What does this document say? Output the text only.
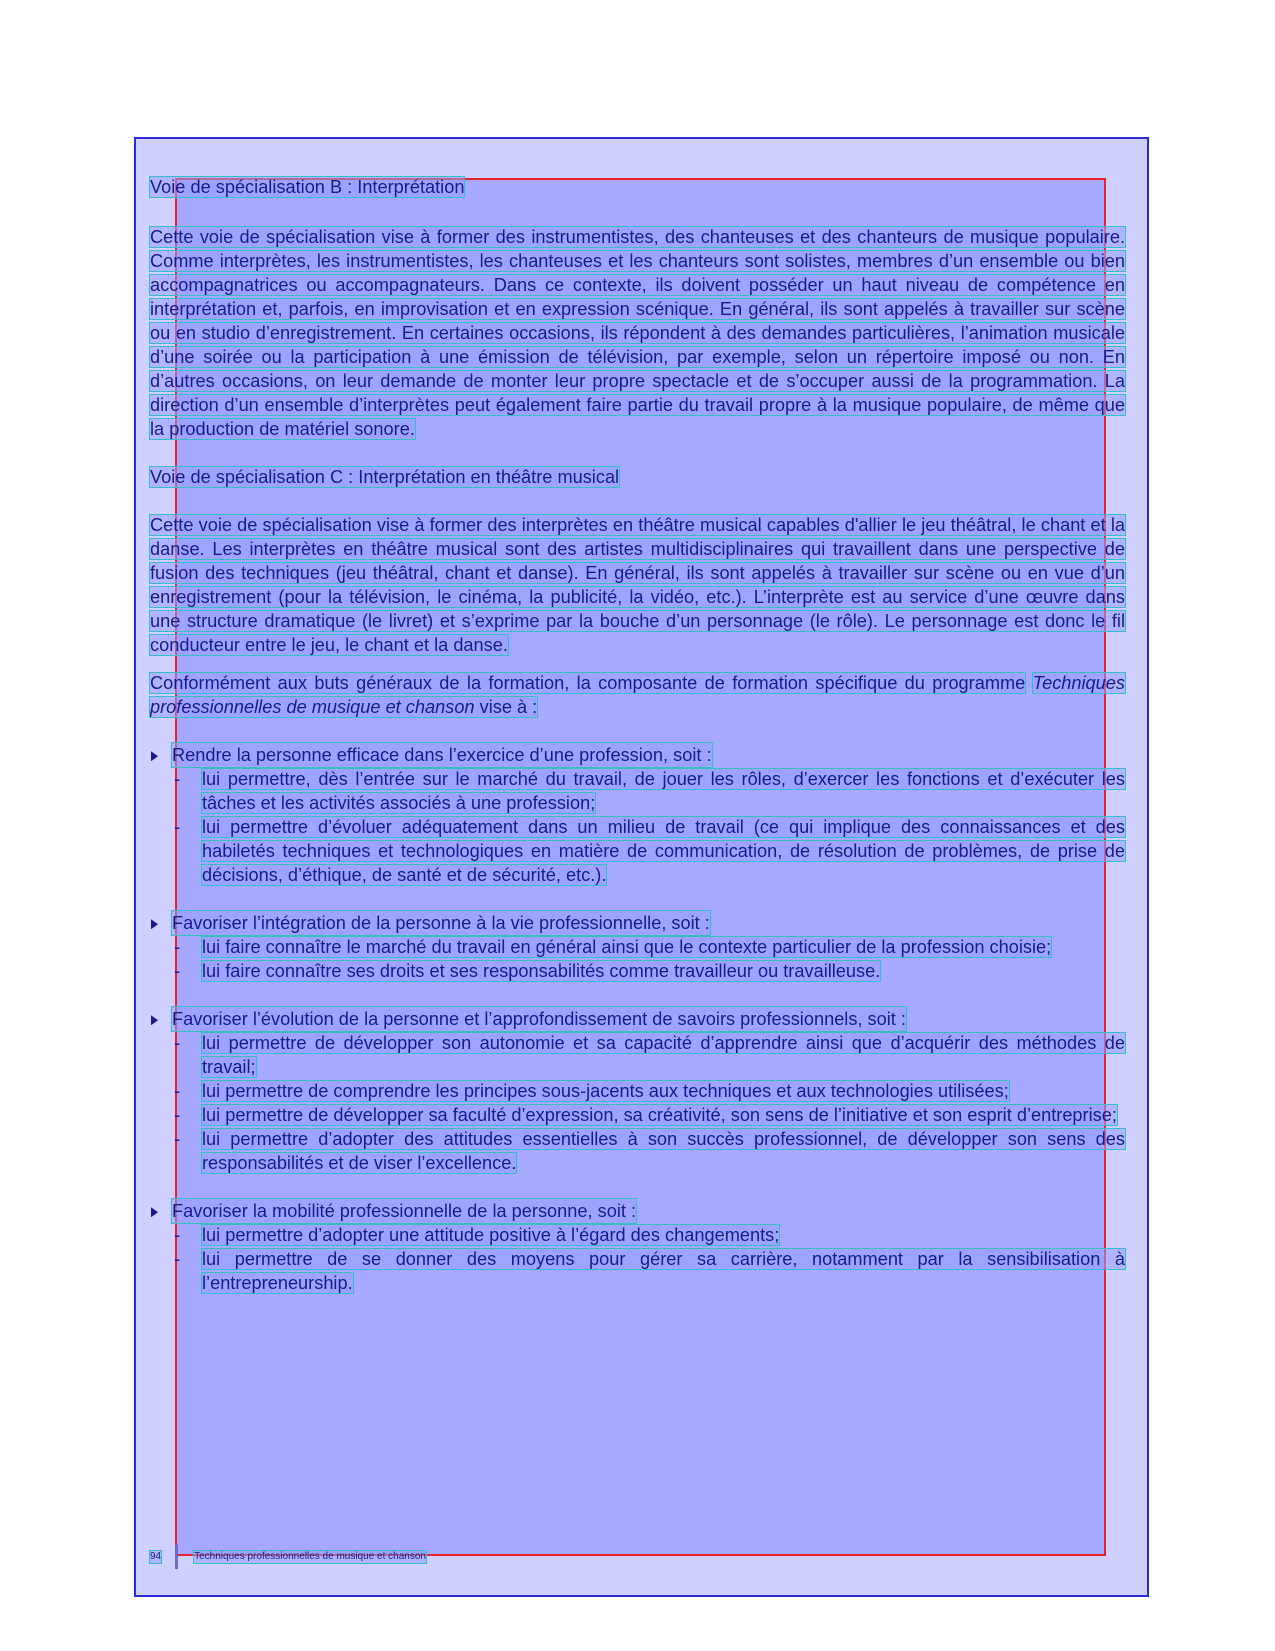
Voie de spécialisation B : Interprétation

Cette voie de spécialisation vise à former des instrumentistes, des chanteuses et des chanteurs de musique populaire. Comme interprètes, les instrumentistes, les chanteuses et les chanteurs sont solistes, membres d’un ensemble ou bien accompagnatrices ou accompagnateurs. Dans ce contexte, ils doivent posséder un haut niveau de compétence en interprétation et, parfois, en improvisation et en expression scénique. En général, ils sont appelés à travailler sur scène ou en studio d’enregistrement. En certaines occasions, ils répondent à des demandes particulières, l’animation musicale d’une soirée ou la participation à une émission de télévision, par exemple, selon un répertoire imposé ou non. En d’autres occasions, on leur demande de monter leur propre spectacle et de s’occuper aussi de la programmation. La direction d’un ensemble d’interprètes peut également faire partie du travail propre à la musique populaire, de même que la production de matériel sonore.

Voie de spécialisation C : Interprétation en théâtre musical

Cette voie de spécialisation vise à former des interprètes en théâtre musical capables d'allier le jeu théâtral, le chant et la danse. Les interprètes en théâtre musical sont des artistes multidisciplinaires qui travaillent dans une perspective de fusion des techniques (jeu théâtral, chant et danse). En général, ils sont appelés à travailler sur scène ou en vue d’un enregistrement (pour la télévision, le cinéma, la publicité, la vidéo, etc.). L’interprète est au service d’une œuvre dans une structure dramatique (le livret) et s’exprime par la bouche d’un personnage (le rôle). Le personnage est donc le fil conducteur entre le jeu, le chant et la danse.

Conformément aux buts généraux de la formation, la composante de formation spécifique du programme Techniques professionnelles de musique et chanson vise à :

Rendre la personne efficace dans l’exercice d’une profession, soit :
-	lui permettre, dès l’entrée sur le marché du travail, de jouer les rôles, d’exercer les fonctions et d’exécuter les tâches et les activités associés à une profession;
-	lui permettre d’évoluer adéquatement dans un milieu de travail (ce qui implique des connaissances et des habiletés techniques et technologiques en matière de communication, de résolution de problèmes, de prise de décisions, d’éthique, de santé et de sécurité, etc.).
Favoriser l’intégration de la personne à la vie professionnelle, soit :
-	lui faire connaître le marché du travail en général ainsi que le contexte particulier de la profession choisie;
-	lui faire connaître ses droits et ses responsabilités comme travailleur ou travailleuse.
Favoriser l’évolution de la personne et l’approfondissement de savoirs professionnels, soit :
-	lui permettre de développer son autonomie et sa capacité d’apprendre ainsi que d’acquérir des méthodes de travail;
-	lui permettre de comprendre les principes sous-jacents aux techniques et aux technologies utilisées;
-	lui permettre de développer sa faculté d’expression, sa créativité, son sens de l’initiative et son esprit d’entreprise;
-	lui permettre d’adopter des attitudes essentielles à son succès professionnel, de développer son sens des responsabilités et de viser l’excellence.
Favoriser la mobilité professionnelle de la personne, soit :
-	lui permettre d’adopter une attitude positive à l’égard des changements;
-	lui permettre de se donner des moyens pour gérer sa carrière, notamment par la sensibilisation à l’entrepreneurship.
94	Techniques professionnelles de musique et chanson
